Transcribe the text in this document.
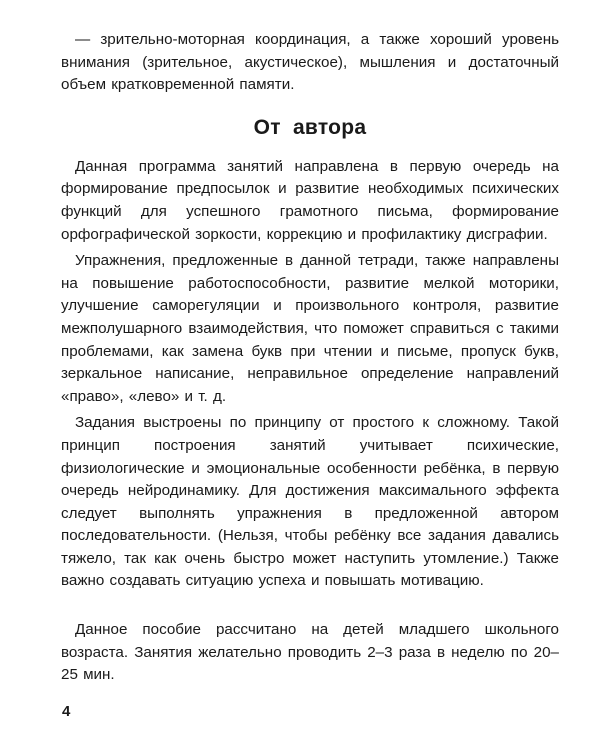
— зрительно-моторная координация, а также хороший уровень внимания (зрительное, акустическое), мышления и достаточный объем кратковременной памяти.

От автора

Данная программа занятий направлена в первую очередь на формирование предпосылок и развитие необходимых психических функций для успешного грамотного письма, формирование орфографической зоркости, коррекцию и профилактику дисграфии.

Упражнения, предложенные в данной тетради, также направлены на повышение работоспособности, развитие мелкой моторики, улучшение саморегуляции и произвольного контроля, развитие межполушарного взаимодействия, что поможет справиться с такими проблемами, как замена букв при чтении и письме, пропуск букв, зеркальное написание, неправильное определение направлений «право», «лево» и т. д.

Задания выстроены по принципу от простого к сложному. Такой принцип построения занятий учитывает психические, физиологические и эмоциональные особенности ребёнка, в первую очередь нейродинамику. Для достижения максимального эффекта следует выполнять упражнения в предложенной автором последовательности. (Нельзя, чтобы ребёнку все задания давались тяжело, так как очень быстро может наступить утомление.) Также важно создавать ситуацию успеха и повышать мотивацию.

Данное пособие рассчитано на детей младшего школьного возраста. Занятия желательно проводить 2–3 раза в неделю по 20–25 мин.

4
